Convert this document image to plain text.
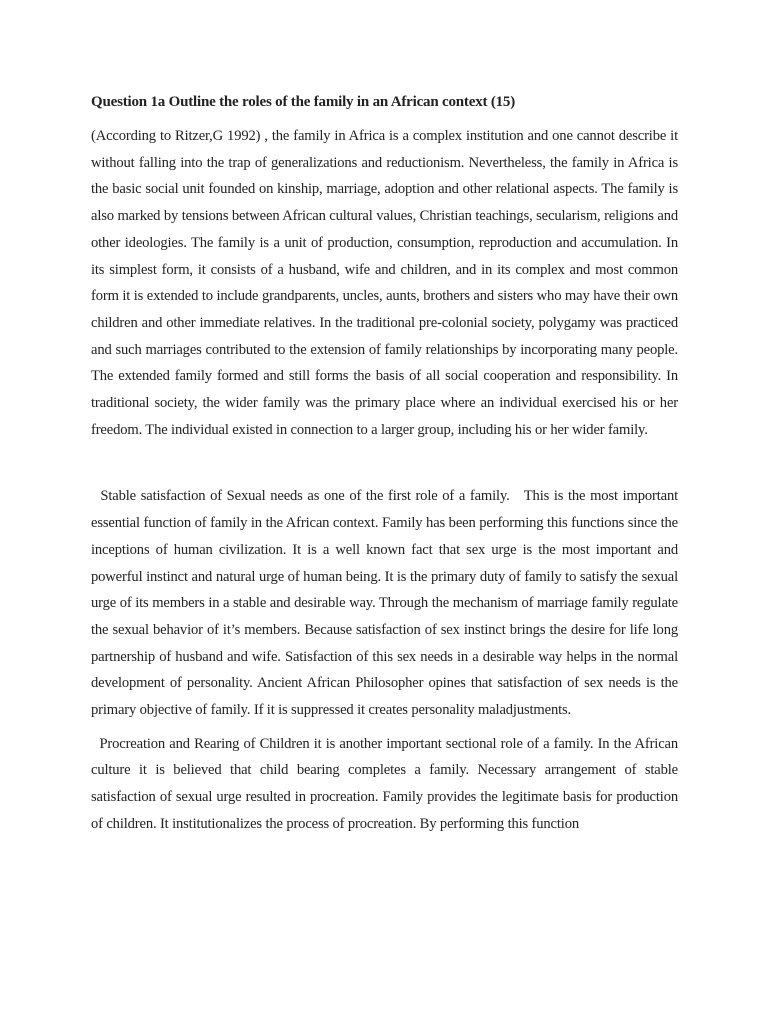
Question 1a Outline the roles of the family in an African context (15)

(According to Ritzer,G 1992) , the family in Africa is a complex institution and one cannot describe it without falling into the trap of generalizations and reductionism. Nevertheless, the family in Africa is the basic social unit founded on kinship, marriage, adoption and other relational aspects. The family is also marked by tensions between African cultural values, Christian teachings, secularism, religions and other ideologies. The family is a unit of production, consumption, reproduction and accumulation. In its simplest form, it consists of a husband, wife and children, and in its complex and most common form it is extended to include grandparents, uncles, aunts, brothers and sisters who may have their own children and other immediate relatives. In the traditional pre-colonial society, polygamy was practiced and such marriages contributed to the extension of family relationships by incorporating many people. The extended family formed and still forms the basis of all social cooperation and responsibility. In traditional society, the wider family was the primary place where an individual exercised his or her freedom. The individual existed in connection to a larger group, including his or her wider family.

Stable satisfaction of Sexual needs as one of the first role of a family.   This is the most important essential function of family in the African context. Family has been performing this functions since the inceptions of human civilization. It is a well known fact that sex urge is the most important and powerful instinct and natural urge of human being. It is the primary duty of family to satisfy the sexual urge of its members in a stable and desirable way. Through the mechanism of marriage family regulate the sexual behavior of it’s members. Because satisfaction of sex instinct brings the desire for life long partnership of husband and wife. Satisfaction of this sex needs in a desirable way helps in the normal development of personality. Ancient African Philosopher opines that satisfaction of sex needs is the primary objective of family. If it is suppressed it creates personality maladjustments.

Procreation and Rearing of Children it is another important sectional role of a family. In the African culture it is believed that child bearing completes a family. Necessary arrangement of stable satisfaction of sexual urge resulted in procreation. Family provides the legitimate basis for production of children. It institutionalizes the process of procreation. By performing this function
